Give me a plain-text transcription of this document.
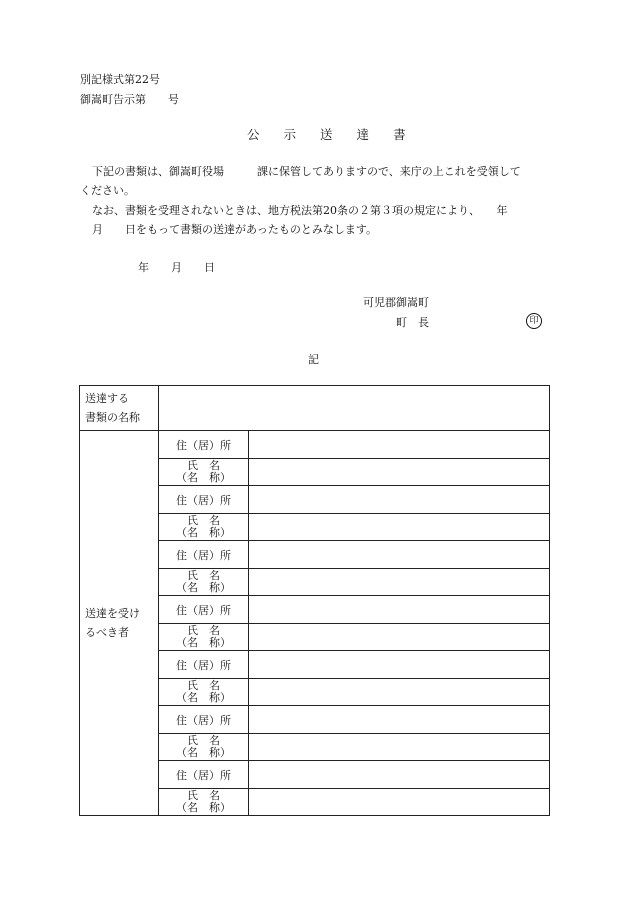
別記様式第22号
御嵩町告示第　　号
公 示 送 達 書
下記の書類は、御嵩町役場　　　課に保管してありますので、来庁の上これを受領して
ください。
なお、書類を受理されないときは、地方税法第20条の２第３項の規定により、　　年
月　　日をもって書類の送達があったものとみなします。
年　　月　　日
可児郡御嵩町
町　長	印
記
送達する
書類の名称		
送達を受け
るべき者	住（居）所	

	氏　名
（名　称）	

	住（居）所	

	氏　名
（名　称）	

	住（居）所	

	氏　名
（名　称）	

	住（居）所	

	氏　名
（名　称）	

	住（居）所	

	氏　名
（名　称）	

	住（居）所	

	氏　名
（名　称）	

	住（居）所	

	氏　名
（名　称）	
